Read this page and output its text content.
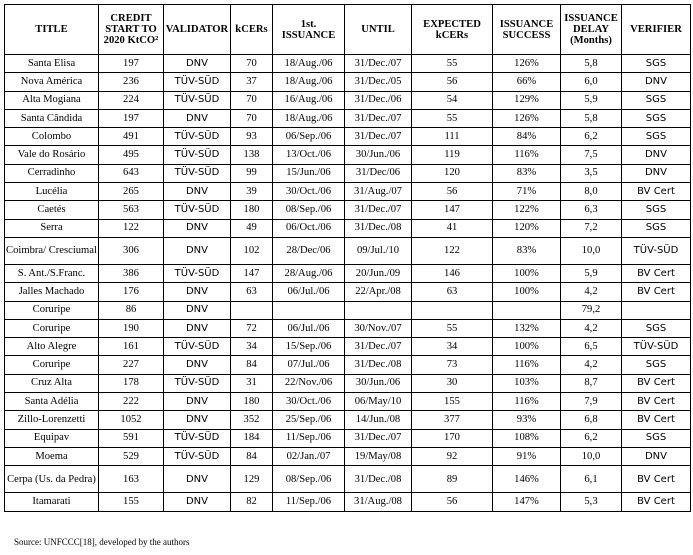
TITLE	CREDIT START TO 2020 KtCO²	VALIDATOR	kCERs	1st. ISSUANCE	UNTIL	EXPECTED kCERs	ISSUANCE SUCCESS	ISSUANCE DELAY (Months)	VERIFIER
Santa Elisa	197	DNV	70	18/Aug./06	31/Dec./07	55	126%	5,8	SGS
Nova América	236	TÜV-SÜD	37	18/Aug./06	31/Dec./05	56	66%	6,0	DNV
Alta Mogiana	224	TÜV-SÜD	70	16/Aug./06	31/Dec./06	54	129%	5,9	SGS
Santa Cândida	197	DNV	70	18/Aug./06	31/Dec./07	55	126%	5,8	SGS
Colombo	491	TÜV-SÜD	93	06/Sep./06	31/Dec./07	111	84%	6,2	SGS
Vale do Rosário	495	TÜV-SÜD	138	13/Oct./06	30/Jun./06	119	116%	7,5	DNV
Cerradinho	643	TÜV-SÜD	99	15/Jun./06	31/Dec/06	120	83%	3,5	DNV
Lucélia	265	DNV	39	30/Oct./06	31/Aug./07	56	71%	8,0	BV Cert
Caetés	563	TÜV-SÜD	180	08/Sep./06	31/Dec./07	147	122%	6,3	SGS
Serra	122	DNV	49	06/Oct./06	31/Dec./08	41	120%	7,2	SGS
Coimbra/ Cresciumal	306	DNV	102	28/Dec/06	09/Jul./10	122	83%	10,0	TÜV-SÜD
S. Ant./S.Franc.	386	TÜV-SÜD	147	28/Aug./06	20/Jun./09	146	100%	5,9	BV Cert
Jalles Machado	176	DNV	63	06/Jul./06	22/Apr./08	63	100%	4,2	BV Cert
Coruripe	86	DNV						79,2	
Coruripe	190	DNV	72	06/Jul./06	30/Nov./07	55	132%	4,2	SGS
Alto Alegre	161	TÜV-SÜD	34	15/Sep./06	31/Dec./07	34	100%	6,5	TÜV-SÜD
Coruripe	227	DNV	84	07/Jul./06	31/Dec./08	73	116%	4,2	SGS
Cruz Alta	178	TÜV-SÜD	31	22/Nov./06	30/Jun./06	30	103%	8,7	BV Cert
Santa Adélia	222	DNV	180	30/Oct./06	06/May/10	155	116%	7,9	BV Cert
Zillo-Lorenzetti	1052	DNV	352	25/Sep./06	14/Jun./08	377	93%	6,8	BV Cert
Equipav	591	TÜV-SÜD	184	11/Sep./06	31/Dec./07	170	108%	6,2	SGS
Moema	529	TÜV-SÜD	84	02/Jan./07	19/May/08	92	91%	10,0	DNV
Cerpa (Us. da Pedra)	163	DNV	129	08/Sep./06	31/Dec./08	89	146%	6,1	BV Cert
Itamarati	155	DNV	82	11/Sep./06	31/Aug./08	56	147%	5,3	BV Cert
Source: UNFCCC[18], developed by the authors
